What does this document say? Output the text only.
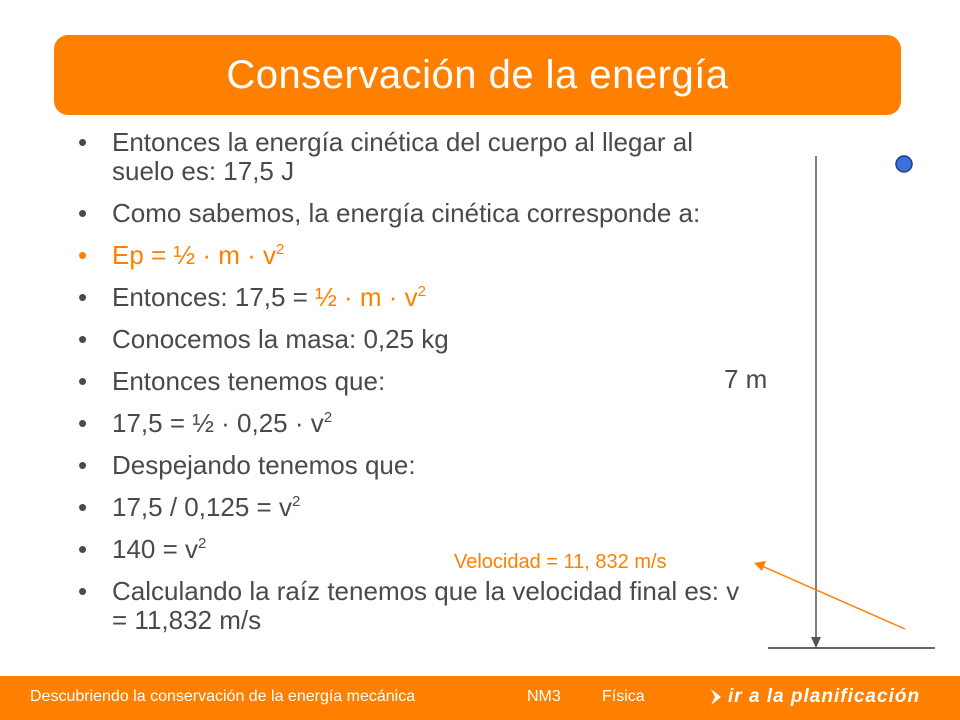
Conservación de la energía
• Entonces la energía cinética del cuerpo al llegar al suelo es: 17,5 J
• Como sabemos, la energía cinética corresponde a:
• Ep = ½ · $m \cdot v^2$
• Entonces: 17,5 = ½ · $m \cdot v^2$
• Conocemos la masa: 0,25 kg
• Entonces tenemos que:
• 17,5 = ½ · $0,25 \cdot v^2$
• Despejando tenemos que:
• $17,5 / 0,125 = v^2$
• $140 = v^2$
• Calculando la raíz tenemos que la velocidad final es: v = 11,832 m/s
7 m
Velocidad = 11, 832 m/s
Descubriendo la conservación de la energía mecánica	NM3	Física	ir a la planificación
